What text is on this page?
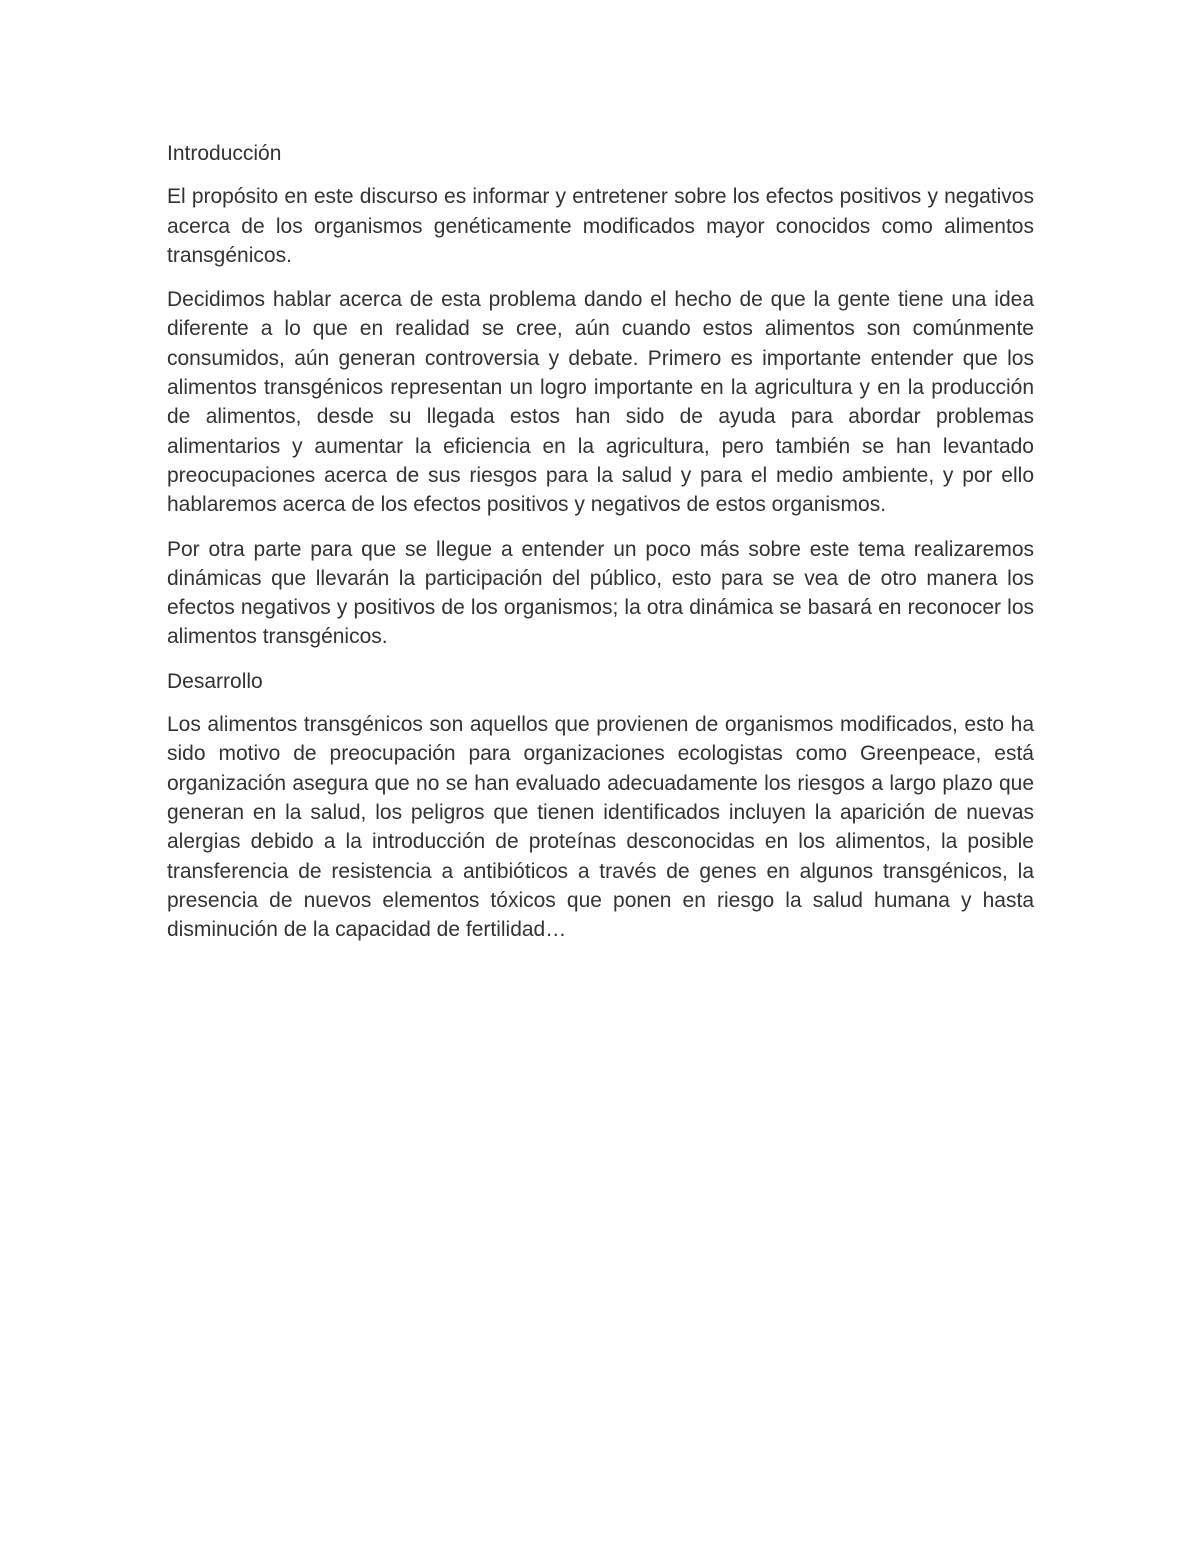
Introducción

El propósito en este discurso es informar y entretener sobre los efectos positivos y negativos acerca de los organismos genéticamente modificados mayor conocidos como alimentos transgénicos.

Decidimos hablar acerca de esta problema dando el hecho de que la gente tiene una idea diferente a lo que en realidad se cree, aún cuando estos alimentos son comúnmente consumidos, aún generan controversia y debate. Primero es importante entender que los alimentos transgénicos representan un logro importante en la agricultura y en la producción de alimentos, desde su llegada estos han sido de ayuda para abordar problemas alimentarios y aumentar la eficiencia en la agricultura, pero también se han levantado preocupaciones acerca de sus riesgos para la salud y para el medio ambiente, y por ello hablaremos acerca de los efectos positivos y negativos de estos organismos.

Por otra parte para que se llegue a entender un poco más sobre este tema realizaremos dinámicas que llevarán la participación del público, esto para se vea de otro manera los efectos negativos y positivos de los organismos; la otra dinámica se basará en reconocer los alimentos transgénicos.

Desarrollo

Los alimentos transgénicos son aquellos que provienen de organismos modificados, esto ha sido motivo de preocupación para organizaciones ecologistas como Greenpeace, está organización asegura que no se han evaluado adecuadamente los riesgos a largo plazo que generan en la salud, los peligros que tienen identificados incluyen la aparición de nuevas alergias debido a la introducción de proteínas desconocidas en los alimentos, la posible transferencia de resistencia a antibióticos a través de genes en algunos transgénicos, la presencia de nuevos elementos tóxicos que ponen en riesgo la salud humana y hasta disminución de la capacidad de fertilidad…
